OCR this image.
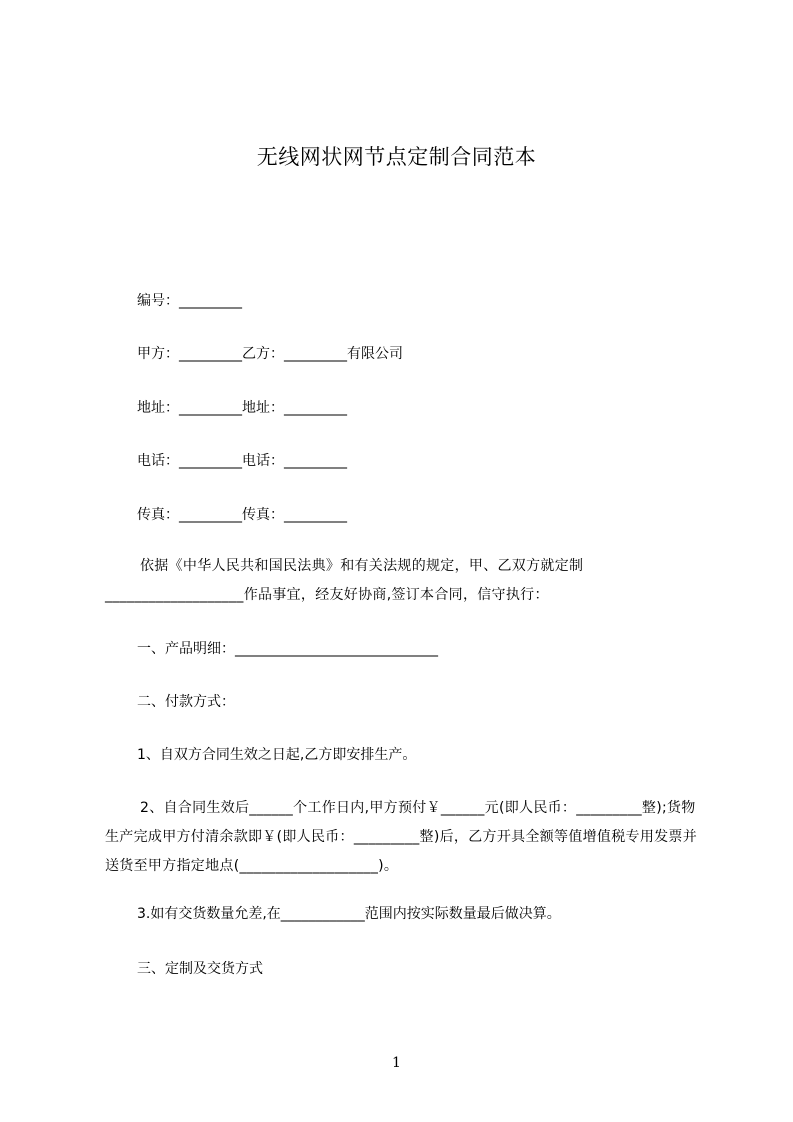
无线网状网节点定制合同范本
编号：_________
甲方：_________乙方：_________有限公司
地址：_________地址：_________
电话：_________电话：_________
传真：_________传真：_________
依据《中华人民共和国民法典》和有关法规的规定，甲、乙双方就定制___________________作品事宜，经友好协商,签订本合同，信守执行：
一、产品明细：_____________________________
二、付款方式：
1、自双方合同生效之日起,乙方即安排生产。
2、自合同生效后______个工作日内,甲方预付￥______元(即人民币：_________整);货物生产完成甲方付清余款即￥(即人民币：_________整)后，乙方开具全额等值增值税专用发票并送货至甲方指定地点(___________________)。
3.如有交货数量允差,在____________范围内按实际数量最后做决算。
三、定制及交货方式
1
